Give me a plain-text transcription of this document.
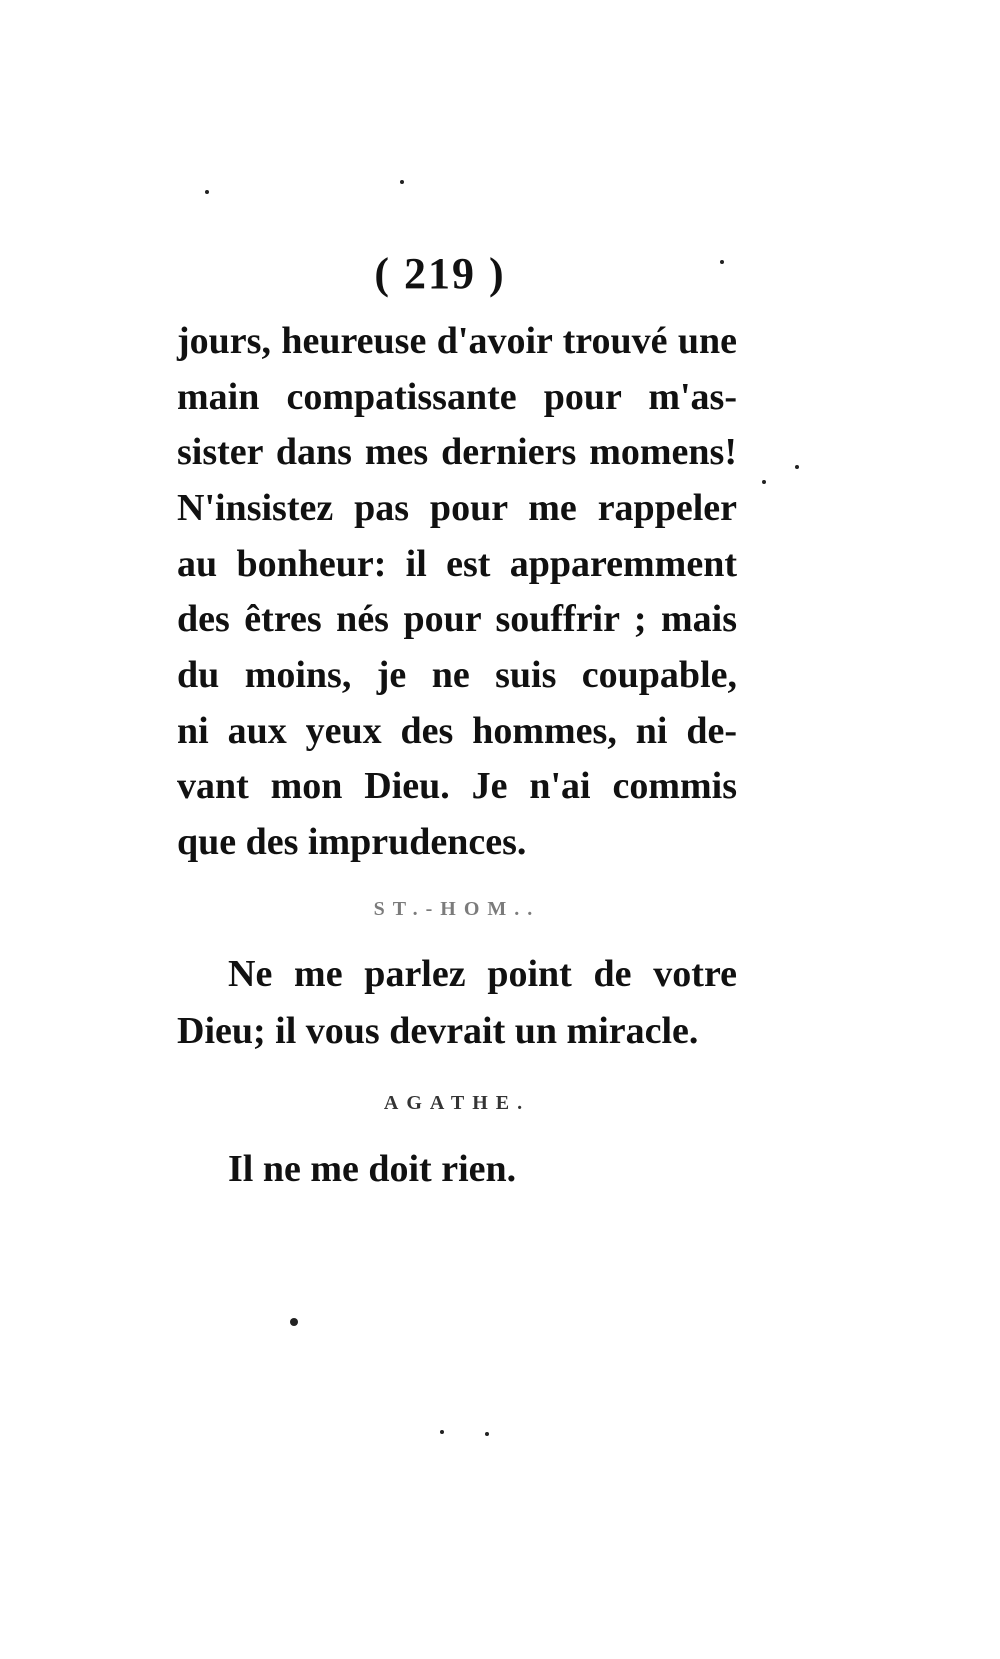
( 219 )
jours, heureuse d'avoir trouvé une
main compatissante pour m'as-
sister dans mes derniers momens!
N'insistez pas pour me rappeler
au bonheur: il est apparemment
des êtres nés pour souffrir ; mais
du moins, je ne suis coupable,
ni aux yeux des hommes, ni de-
vant mon Dieu. Je n'ai commis
que des imprudences.
ST.-HOM..
Ne me parlez point de votre
Dieu; il vous devrait un miracle.
AGATHE.
Il ne me doit rien.
